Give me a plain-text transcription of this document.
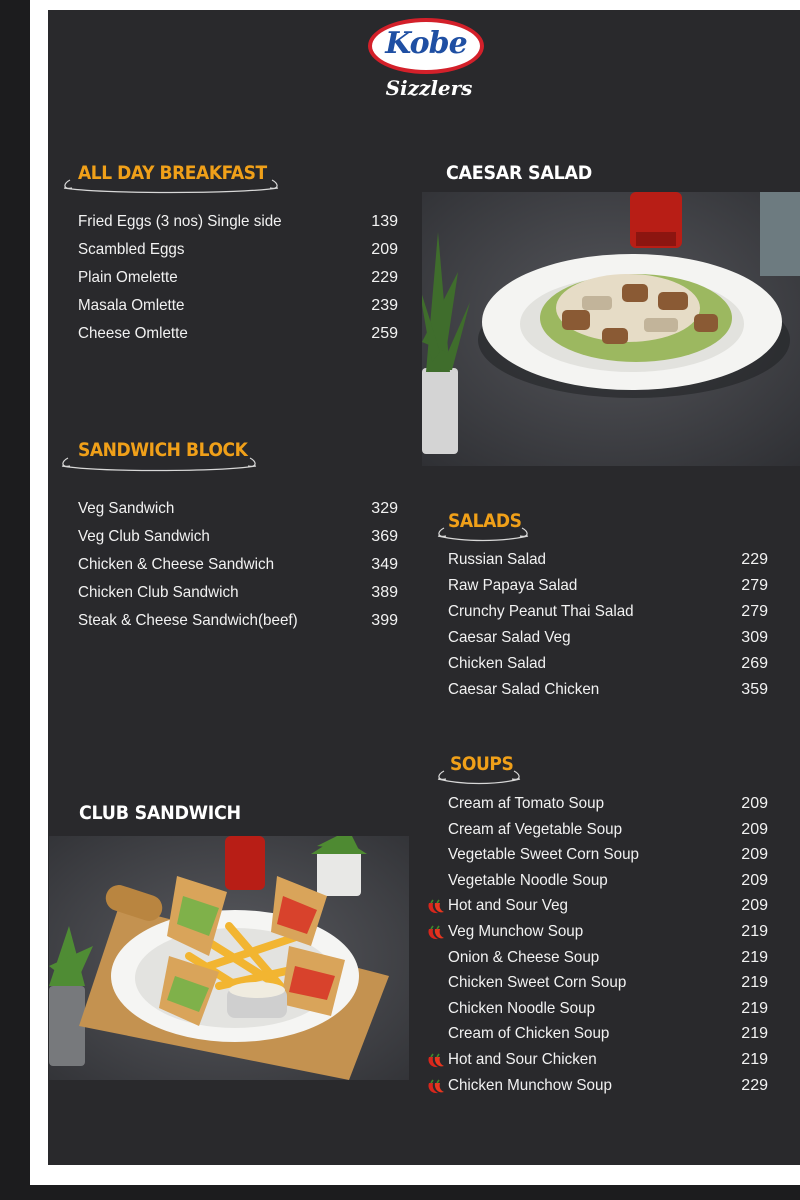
Kobe
Sizzlers
ALL DAY BREAKFAST
Fried Eggs (3 nos) Single side	139
Scambled Eggs	209
Plain Omelette	229
Masala Omlette	239
Cheese Omlette	259
SANDWICH BLOCK
Veg Sandwich	329
Veg Club Sandwich	369
Chicken & Cheese Sandwich	349
Chicken Club Sandwich	389
Steak & Cheese Sandwich(beef)	399
CAESAR SALAD
SALADS
Russian Salad	229
Raw Papaya Salad	279
Crunchy Peanut Thai Salad	279
Caesar Salad Veg	309
Chicken Salad	269
Caesar Salad Chicken	359
SOUPS
Cream af Tomato Soup	209
Cream af Vegetable Soup	209
Vegetable Sweet Corn Soup	209
Vegetable Noodle Soup	209
Hot and Sour Veg	209
Veg Munchow Soup	219
Onion & Cheese Soup	219
Chicken Sweet Corn Soup	219
Chicken Noodle Soup	219
Cream of Chicken Soup	219
Hot and Sour Chicken	219
Chicken Munchow Soup	229
CLUB SANDWICH
